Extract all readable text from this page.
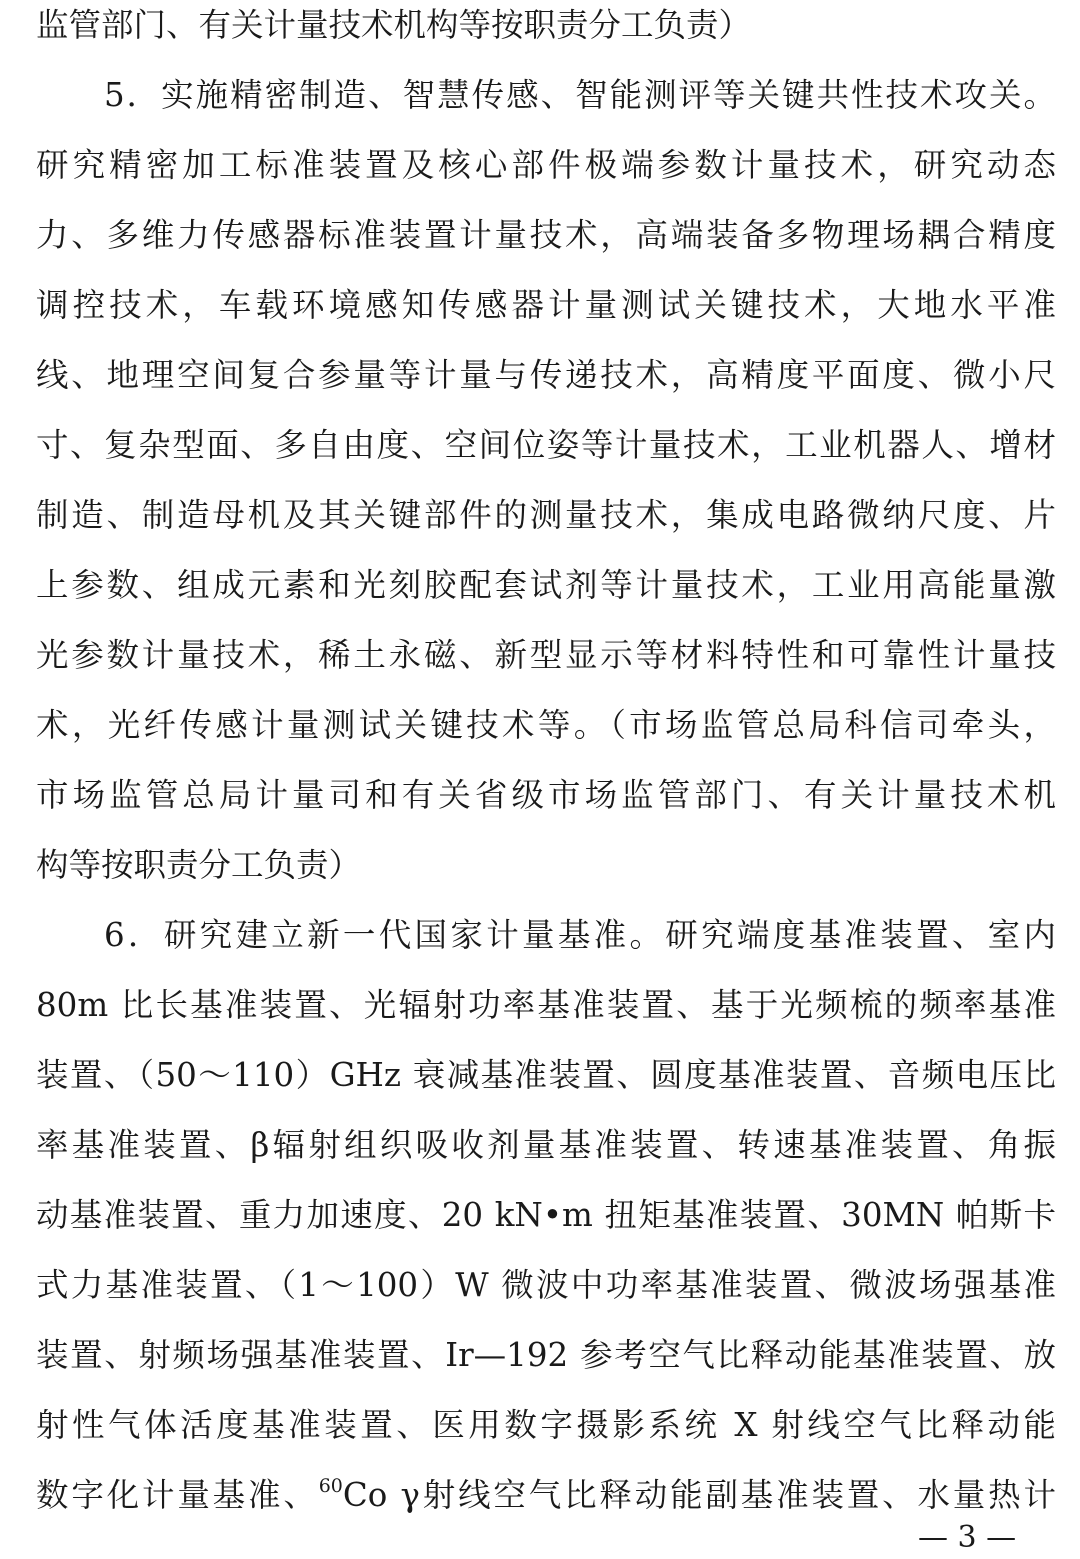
监管部门、有关计量技术机构等按职责分工负责）
5．实施精密制造、智慧传感、智能测评等关键共性技术攻关。
研究精密加工标准装置及核心部件极端参数计量技术，研究动态
力、多维力传感器标准装置计量技术，高端装备多物理场耦合精度
调控技术，车载环境感知传感器计量测试关键技术，大地水平准
线、地理空间复合参量等计量与传递技术，高精度平面度、微小尺
寸、复杂型面、多自由度、空间位姿等计量技术，工业机器人、增材
制造、制造母机及其关键部件的测量技术，集成电路微纳尺度、片
上参数、组成元素和光刻胶配套试剂等计量技术，工业用高能量激
光参数计量技术，稀土永磁、新型显示等材料特性和可靠性计量技
术，光纤传感计量测试关键技术等。（市场监管总局科信司牵头，
市场监管总局计量司和有关省级市场监管部门、有关计量技术机
构等按职责分工负责）
6．研究建立新一代国家计量基准。研究端度基准装置、室内
80m 比长基准装置、光辐射功率基准装置、基于光频梳的频率基准
装置、（50～110）GHz 衰减基准装置、圆度基准装置、音频电压比
率基准装置、β辐射组织吸收剂量基准装置、转速基准装置、角振
动基准装置、重力加速度、20 kN•m 扭矩基准装置、30MN 帕斯卡
式力基准装置、（1～100）W 微波中功率基准装置、微波场强基准
装置、射频场强基准装置、Ir—192 参考空气比释动能基准装置、放
射性气体活度基准装置、医用数字摄影系统 X 射线空气比释动能
数字化计量基准、$^{60}$Co γ射线空气比释动能副基准装置、水量热计
— 3 —
